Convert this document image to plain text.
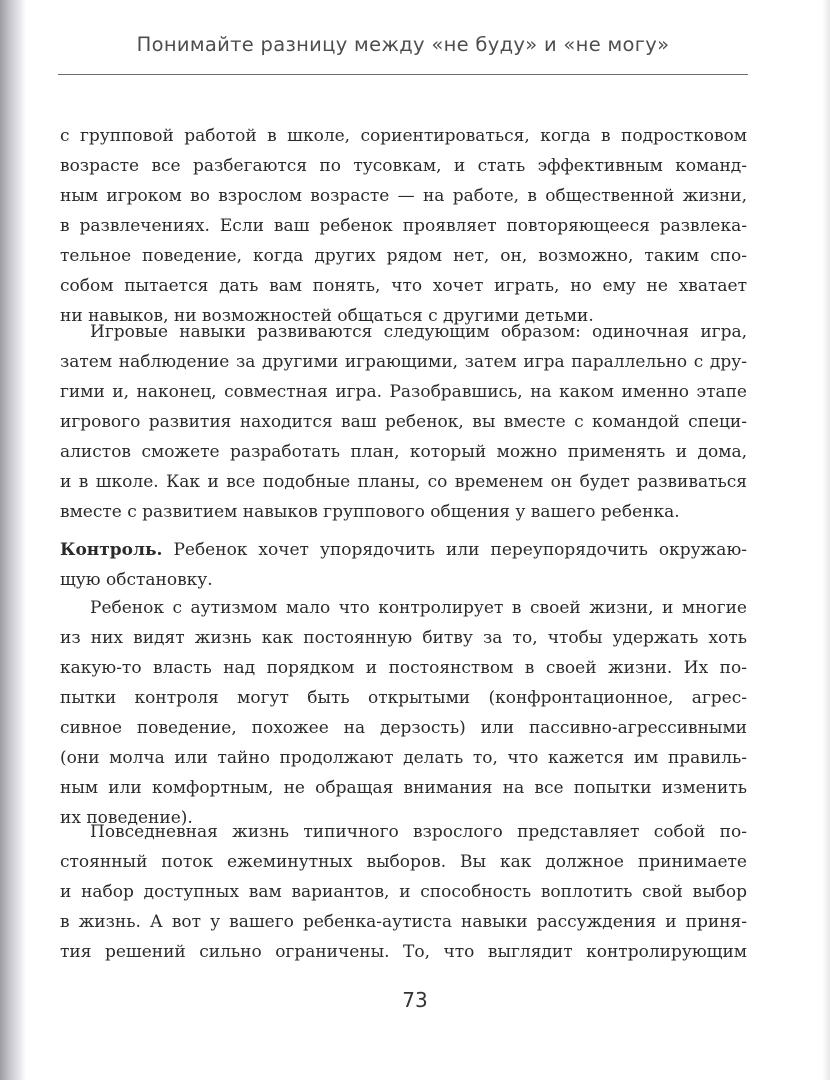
Понимайте разницу между «не буду» и «не могу»
с групповой работой в школе, сориентироваться, когда в подростковом
возрасте все разбегаются по тусовкам, и стать эффективным команд-
ным игроком во взрослом возрасте — на работе, в общественной жизни,
в развлечениях. Если ваш ребенок проявляет повторяющееся развлека-
тельное поведение, когда других рядом нет, он, возможно, таким спо-
собом пытается дать вам понять, что хочет играть, но ему не хватает
ни навыков, ни возможностей общаться с другими детьми.
Игровые навыки развиваются следующим образом: одиночная игра,
затем наблюдение за другими играющими, затем игра параллельно с дру-
гими и, наконец, совместная игра. Разобравшись, на каком именно этапе
игрового развития находится ваш ребенок, вы вместе с командой специ-
алистов сможете разработать план, который можно применять и дома,
и в школе. Как и все подобные планы, со временем он будет развиваться
вместе с развитием навыков группового общения у вашего ребенка.
Контроль. Ребенок хочет упорядочить или переупорядочить окружаю-
щую обстановку.
Ребенок с аутизмом мало что контролирует в своей жизни, и многие
из них видят жизнь как постоянную битву за то, чтобы удержать хоть
какую-то власть над порядком и постоянством в своей жизни. Их по-
пытки контроля могут быть открытыми (конфронтационное, агрес-
сивное поведение, похожее на дерзость) или пассивно-агрессивными
(они молча или тайно продолжают делать то, что кажется им правиль-
ным или комфортным, не обращая внимания на все попытки изменить
их поведение).
Повседневная жизнь типичного взрослого представляет собой по-
стоянный поток ежеминутных выборов. Вы как должное принимаете
и набор доступных вам вариантов, и способность воплотить свой выбор
в жизнь. А вот у вашего ребенка-аутиста навыки рассуждения и приня-
тия решений сильно ограничены. То, что выглядит контролирующим
73
